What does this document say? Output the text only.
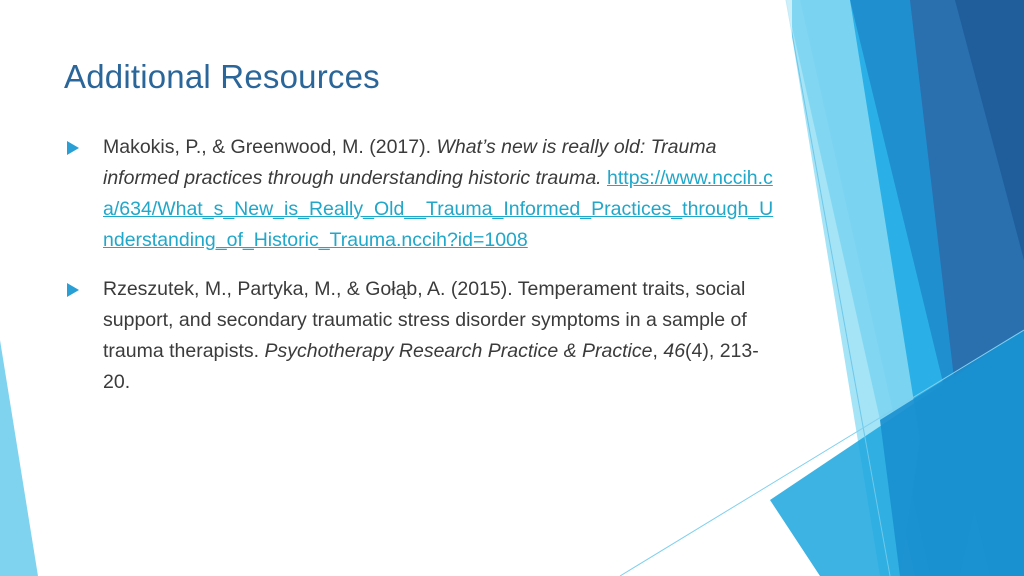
Additional Resources

Makokis, P., & Greenwood, M. (2017). What’s new is really old: Trauma informed practices through understanding historic trauma. https://www.nccih.ca/634/What_s_New_is_Really_Old__Trauma_Informed_Practices_through_Understanding_of_Historic_Trauma.nccih?id=1008

Rzeszutek, M., Partyka, M., & Gołąb, A. (2015). Temperament traits, social support, and secondary traumatic stress disorder symptoms in a sample of trauma therapists. Psychotherapy Research Practice & Practice, 46(4), 213-20.
